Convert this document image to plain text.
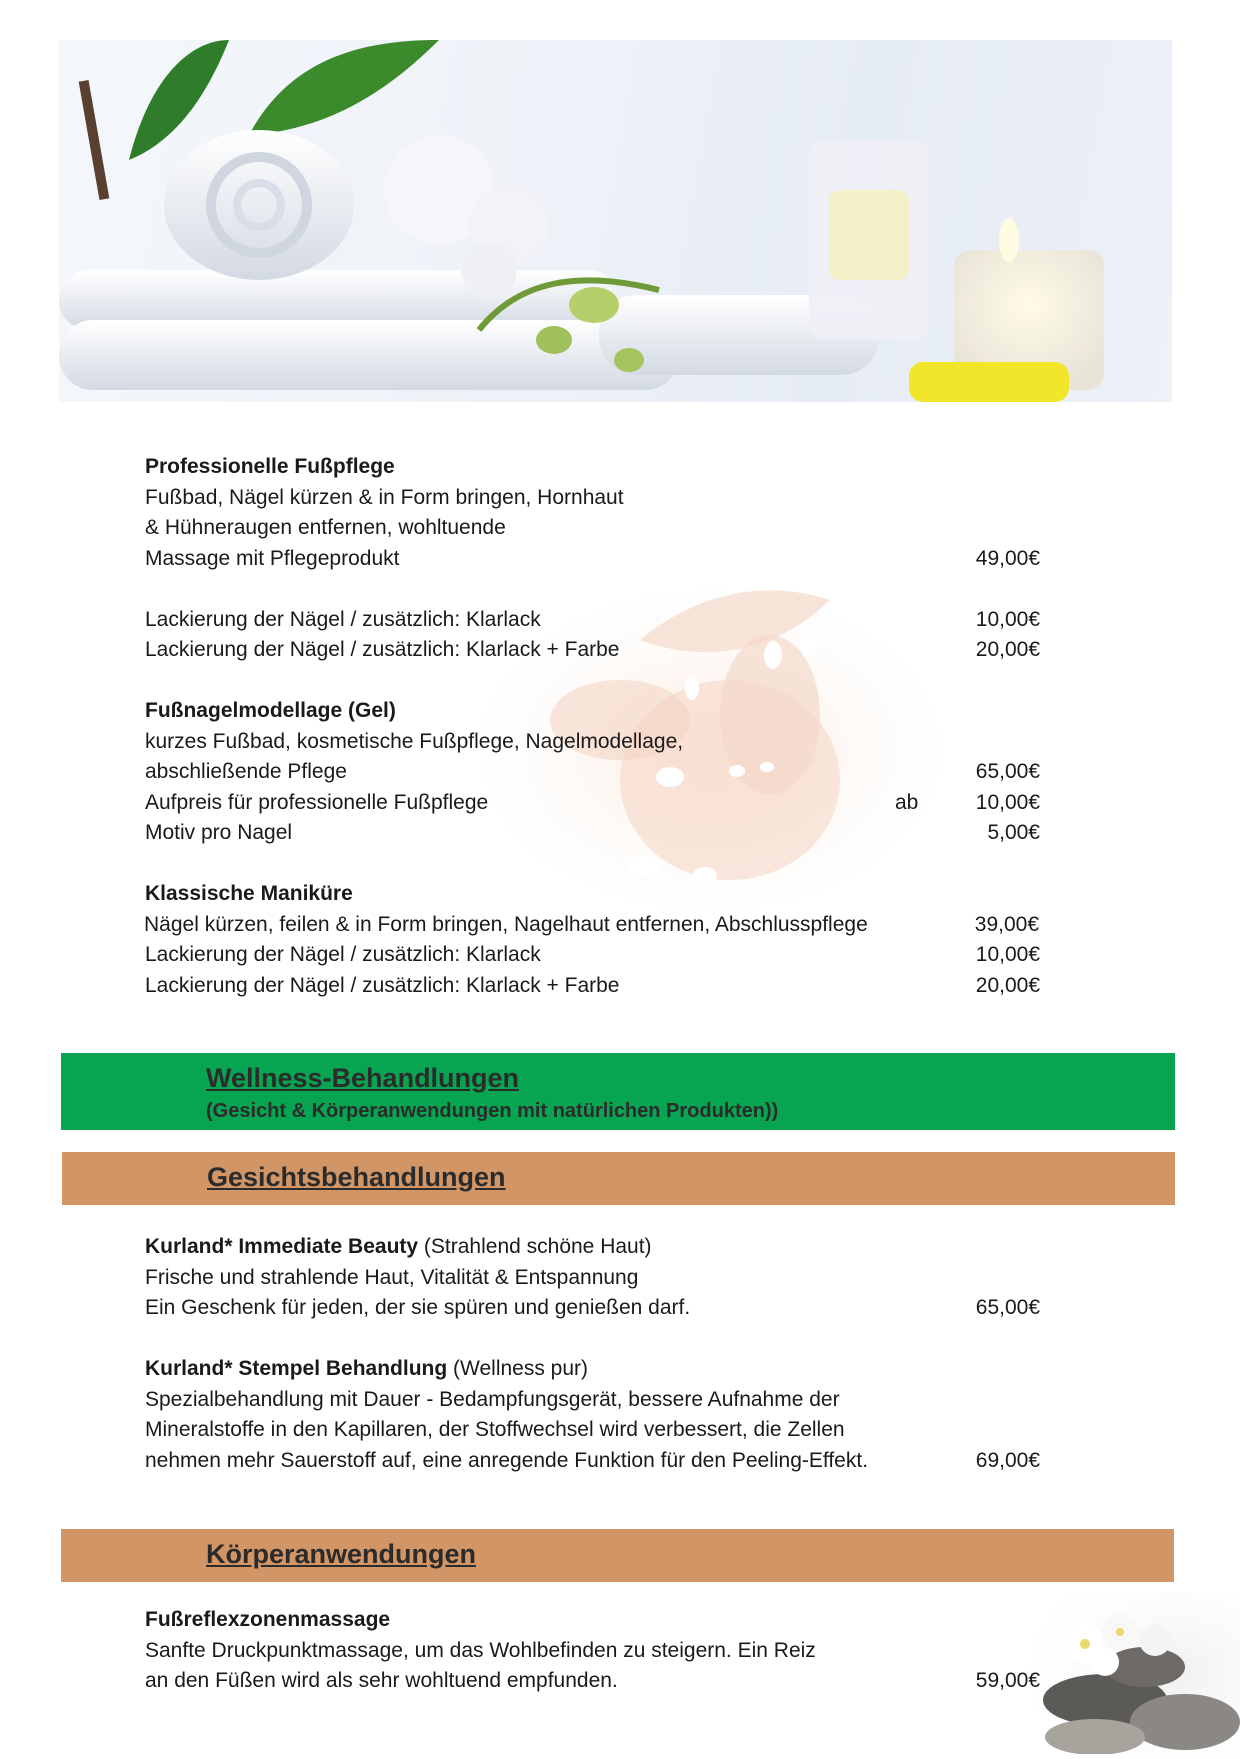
Professionelle Fußpflege
Fußbad, Nägel kürzen & in Form bringen, Hornhaut
& Hühneraugen entfernen, wohltuende
Massage mit Pflegeprodukt	49,00€
Lackierung der Nägel / zusätzlich: Klarlack	10,00€
Lackierung der Nägel / zusätzlich: Klarlack + Farbe	20,00€
Fußnagelmodellage (Gel)
kurzes Fußbad, kosmetische Fußpflege, Nagelmodellage,
abschließende Pflege	65,00€
Aufpreis für professionelle Fußpflege	ab	10,00€
Motiv pro Nagel	5,00€
Klassische Maniküre
Nägel kürzen, feilen & in Form bringen, Nagelhaut entfernen, Abschlusspflege	39,00€
Lackierung der Nägel / zusätzlich: Klarlack	10,00€
Lackierung der Nägel / zusätzlich: Klarlack + Farbe	20,00€
Wellness-Behandlungen
(Gesicht & Körperanwendungen mit natürlichen Produkten))
Gesichtsbehandlungen
Kurland* Immediate Beauty (Strahlend schöne Haut)
Frische und strahlende Haut, Vitalität & Entspannung
Ein Geschenk für jeden, der sie spüren und genießen darf.	65,00€
Kurland* Stempel Behandlung (Wellness pur)
Spezialbehandlung mit Dauer - Bedampfungsgerät, bessere Aufnahme der
Mineralstoffe in den Kapillaren, der Stoffwechsel wird verbessert, die Zellen
nehmen mehr Sauerstoff auf, eine anregende Funktion für den Peeling-Effekt.	69,00€
Körperanwendungen
Fußreflexzonenmassage
Sanfte Druckpunktmassage, um das Wohlbefinden zu steigern. Ein Reiz
an den Füßen wird als sehr wohltuend empfunden.	59,00€
